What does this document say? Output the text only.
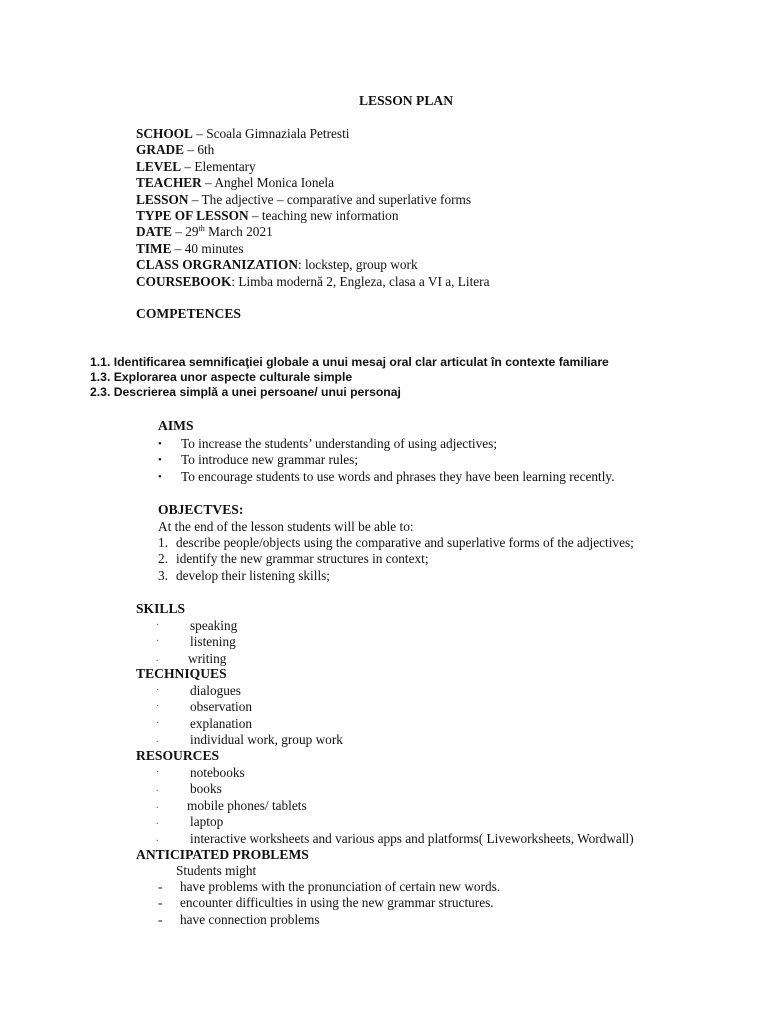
LESSON PLAN
SCHOOL – Scoala Gimnaziala Petresti
GRADE – 6th
LEVEL – Elementary
TEACHER – Anghel Monica Ionela
LESSON – The adjective – comparative and superlative forms
TYPE OF LESSON – teaching new information
DATE – 29th March 2021
TIME – 40 minutes
CLASS ORGRANIZATION: lockstep, group work
COURSEBOOK: Limba modernă 2, Engleza, clasa a VI a, Litera
COMPETENCES
1.1. Identificarea semnificaţiei globale a unui mesaj oral clar articulat în contexte familiare
1.3. Explorarea unor aspecte culturale simple
2.3. Descrierea simplă a unei persoane/ unui personaj
AIMS
• To increase the students’ understanding of using adjectives;
• To introduce new grammar rules;
• To encourage students to use words and phrases they have been learning recently.
OBJECTVES:
At the end of the lesson students will be able to:
1. describe people/objects using the comparative and superlative forms of the adjectives;
2. identify the new grammar structures in context;
3. develop their listening skills;
SKILLS
· speaking
· listening
. writing
TECHNIQUES
· dialogues
· observation
· explanation
. individual work, group work
RESOURCES
· notebooks
. books
. mobile phones/ tablets
. laptop
. interactive worksheets and various apps and platforms( Liveworksheets, Wordwall)
ANTICIPATED PROBLEMS
Students might
- have problems with the pronunciation of certain new words.
- encounter difficulties in using the new grammar structures.
- have connection problems
